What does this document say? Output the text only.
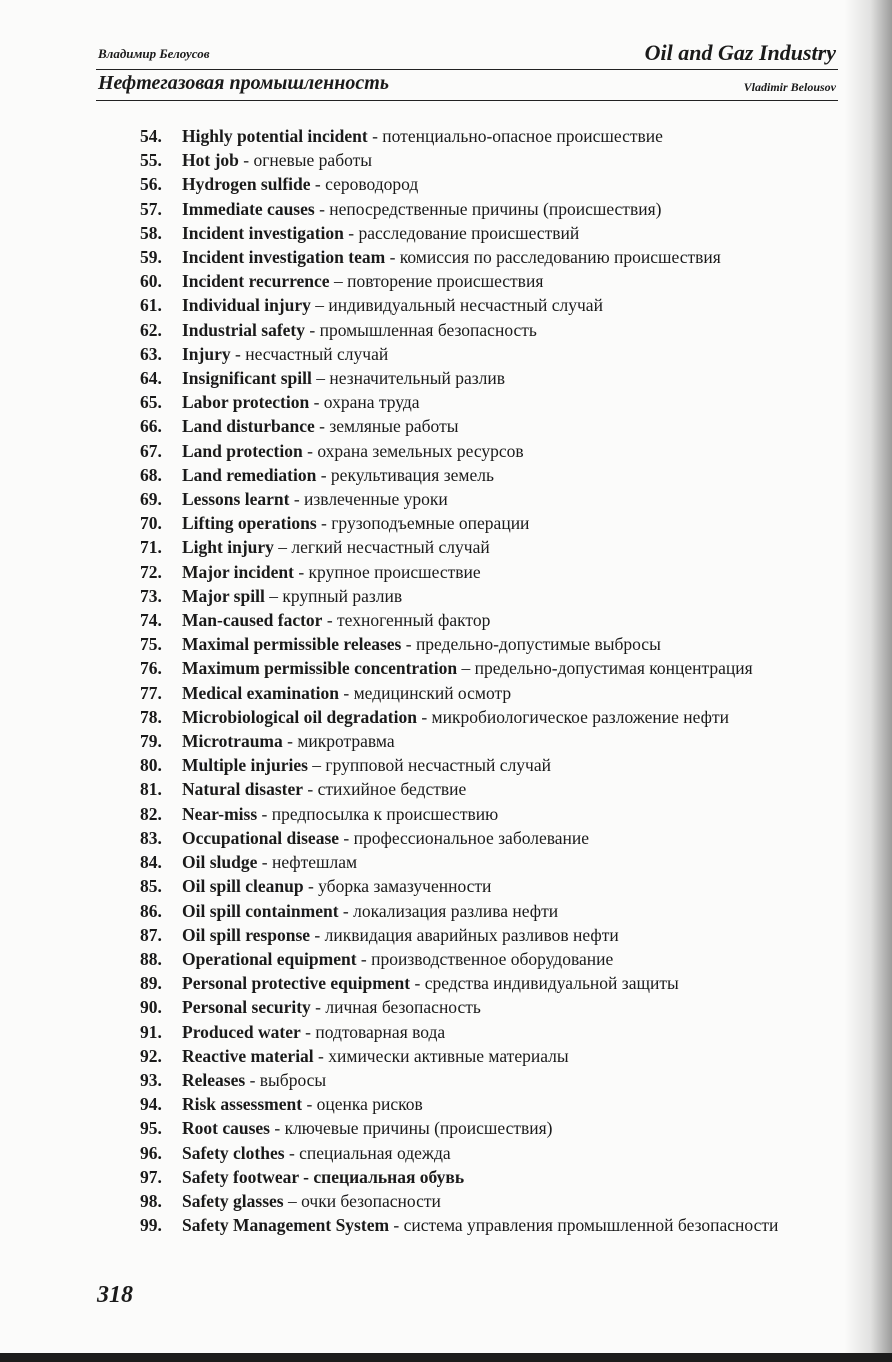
Владимир Белоусов	Oil and Gaz Industry
Нефтегазовая промышленность	Vladimir Belousov
54.	Highly potential incident - потенциально-опасное происшествие
55.	Hot job - огневые работы
56.	Hydrogen sulfide - сероводород
57.	Immediate causes - непосредственные причины (происшествия)
58.	Incident investigation - расследование происшествий
59.	Incident investigation team - комиссия по расследованию происшествия
60.	Incident recurrence – повторение происшествия
61.	Individual injury – индивидуальный несчастный случай
62.	Industrial safety - промышленная безопасность
63.	Injury - несчастный случай
64.	Insignificant spill – незначительный разлив
65.	Labor protection - охрана труда
66.	Land disturbance - земляные работы
67.	Land protection - охрана земельных ресурсов
68.	Land remediation - рекультивация земель
69.	Lessons learnt - извлеченные уроки
70.	Lifting operations - грузоподъемные операции
71.	Light injury – легкий несчастный случай
72.	Major incident - крупное происшествие
73.	Major spill – крупный разлив
74.	Man-caused factor - техногенный фактор
75.	Maximal permissible releases - предельно-допустимые выбросы
76.	Maximum permissible concentration – предельно-допустимая концентрация
77.	Medical examination - медицинский осмотр
78.	Microbiological oil degradation - микробиологическое разложение нефти
79.	Microtrauma - микротравма
80.	Multiple injuries – групповой несчастный случай
81.	Natural disaster - стихийное бедствие
82.	Near-miss - предпосылка к происшествию
83.	Occupational disease - профессиональное заболевание
84.	Oil sludge - нефтешлам
85.	Oil spill cleanup - уборка замазученности
86.	Oil spill containment - локализация разлива нефти
87.	Oil spill response - ликвидация аварийных разливов нефти
88.	Operational equipment - производственное оборудование
89.	Personal protective equipment - средства индивидуальной защиты
90.	Personal security - личная безопасность
91.	Produced water - подтоварная вода
92.	Reactive material - химически активные материалы
93.	Releases - выбросы
94.	Risk assessment - оценка рисков
95.	Root causes - ключевые причины (происшествия)
96.	Safety clothes - специальная одежда
97.	Safety footwear - специальная обувь
98.	Safety glasses – очки безопасности
99.	Safety Management System - система управления промышленной безопасности
318
